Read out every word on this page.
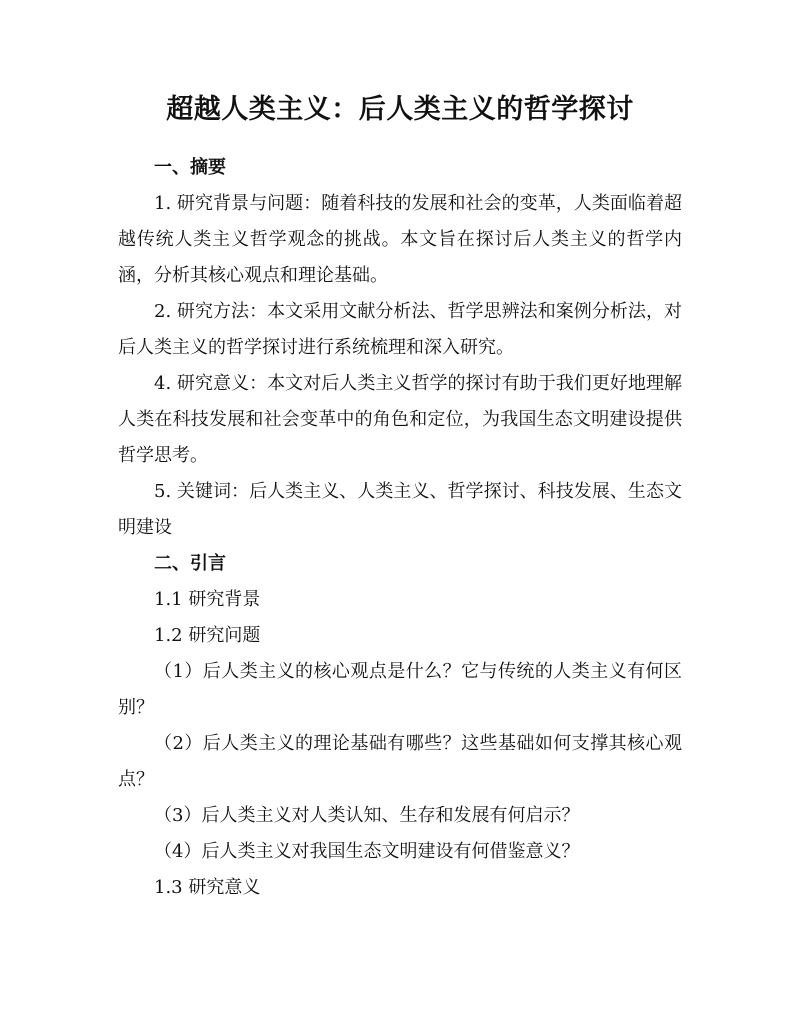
超越人类主义：后人类主义的哲学探讨

一、摘要

1. 研究背景与问题：随着科技的发展和社会的变革，人类面临着超越传统人类主义哲学观念的挑战。本文旨在探讨后人类主义的哲学内涵，分析其核心观点和理论基础。

2. 研究方法：本文采用文献分析法、哲学思辨法和案例分析法，对后人类主义的哲学探讨进行系统梳理和深入研究。

4. 研究意义：本文对后人类主义哲学的探讨有助于我们更好地理解人类在科技发展和社会变革中的角色和定位，为我国生态文明建设提供哲学思考。

5. 关键词：后人类主义、人类主义、哲学探讨、科技发展、生态文明建设

二、引言

1.1 研究背景

1.2 研究问题

（1）后人类主义的核心观点是什么？它与传统的人类主义有何区别？

（2）后人类主义的理论基础有哪些？这些基础如何支撑其核心观点？

（3）后人类主义对人类认知、生存和发展有何启示？

（4）后人类主义对我国生态文明建设有何借鉴意义？

1.3 研究意义
